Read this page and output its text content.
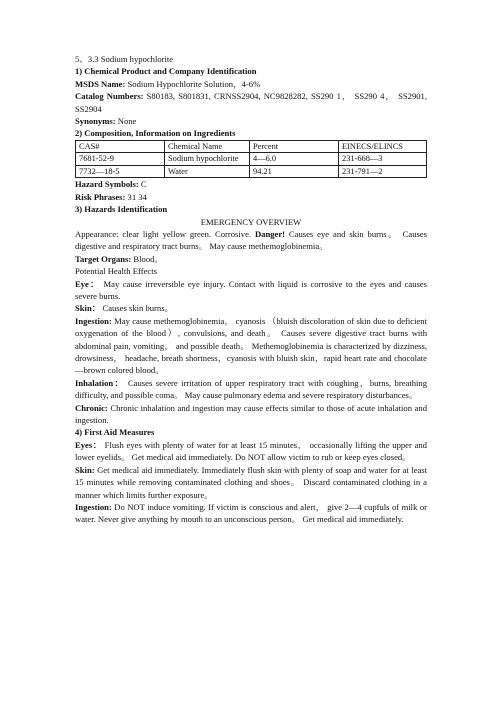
5、3.3 Sodium hypochlorite

1) Chemical Product and Company Identification

MSDS Name: Sodium Hypochlorite Solution，4-6%

Catalog Numbers: S80183, S801831, CRNSS2904, NC9828282, SS290 1， SS290 4， SS2901, SS2904

Synonyms: None

2) Composition, Information on Ingredients

CAS#	Chemical Name	Percent	EINECS/ELINCS
7681-52-9	Sodium hypochlorite	4—6.0	231-668—3
7732—18-5	Water	94.21	231-791—2

Hazard Symbols: C

Risk Phrases: 31 34

3) Hazards Identification

EMERGENCY OVERVIEW

Appearance: clear light yellow green. Corrosive. Danger! Causes eye and skin burns。 Causes digestive and respiratory tract burns。 May cause methemoglobinemia。

Target Organs: Blood。

Potential Health Effects

Eye： May cause irreversible eye injury. Contact with liquid is corrosive to the eyes and causes severe burns.

Skin： Causes skin burns。

Ingestion: May cause methemoglobinemia， cyanosis （bluish discoloration of skin due to deficient oxygenation of the blood）, convulsions, and death。 Causes severe digestive tract burns with abdominal pain, vomiting， and possible death。 Methemoglobinemia is characterized by dizziness, drowsiness， headache, breath shortness，cyanosis with bluish skin，rapid heart rate and chocolate—brown colored blood。

Inhalation： Causes severe irritation of upper respiratory tract with coughing，burns, breathing difficulty, and possible coma。 May cause pulmonary edema and severe respiratory disturbances。

Chronic: Chronic inhalation and ingestion may cause effects similar to those of acute inhalation and ingestion.

4) First Aid Measures

Eyes： Flush eyes with plenty of water for at least 15 minutes， occasionally lifting the upper and lower eyelids。 Get medical aid immediately. Do NOT allow victim to rub or keep eyes closed。

Skin: Get medical aid immediately. Immediately flush skin with plenty of soap and water for at least 15 minutes while removing contaminated clothing and shoes。 Discard contaminated clothing in a manner which limits further exposure。

Ingestion: Do NOT induce vomiting. If victim is conscious and alert， give 2—4 cupfuls of milk or water. Never give anything by mouth to an unconscious person。 Get medical aid immediately.
